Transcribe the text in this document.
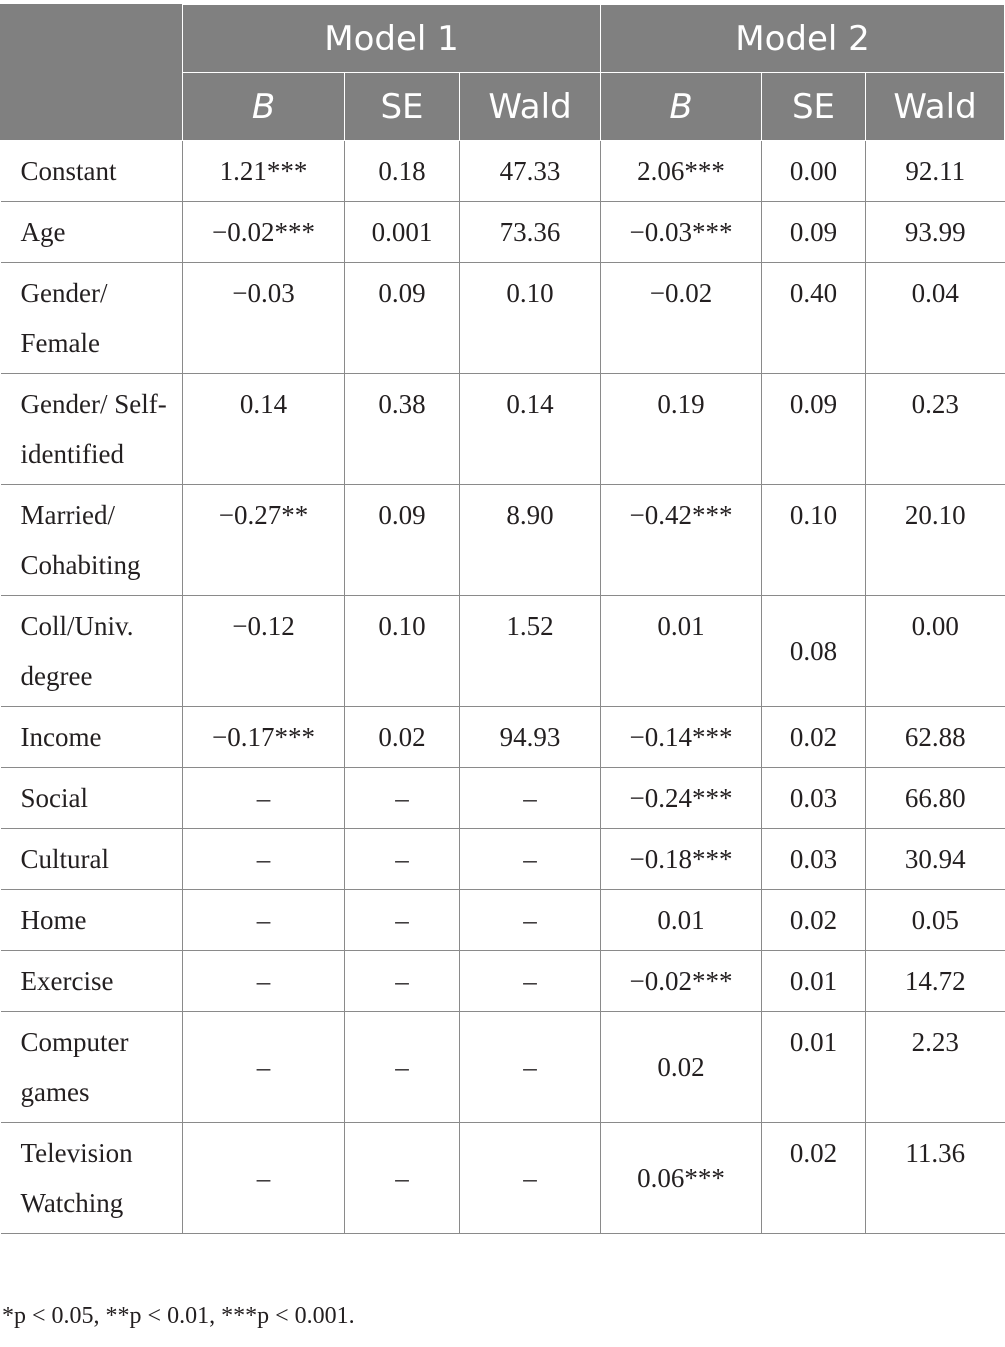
	Model 1			Model 2		
	B	SE	Wald	B	SE	Wald
Constant	1.21***	0.18	47.33	2.06***	0.00	92.11
Age	−0.02***	0.001	73.36	−0.03***	0.09	93.99
Gender/ Female	−0.03	0.09	0.10	−0.02	0.40	0.04
Gender/ Self-identified	0.14	0.38	0.14	0.19	0.09	0.23
Married/ Cohabiting	−0.27**	0.09	8.90	−0.42***	0.10	20.10
Coll/Univ. degree	−0.12	0.10	1.52	0.01	0.08	0.00
Income	−0.17***	0.02	94.93	−0.14***	0.02	62.88
Social	–	–	–	−0.24***	0.03	66.80
Cultural	–	–	–	−0.18***	0.03	30.94
Home	–	–	–	0.01	0.02	0.05
Exercise	–	–	–	−0.02***	0.01	14.72
Computer games	–	–	–	0.02	0.01	2.23
Television Watching	–	–	–	0.06***	0.02	11.36
*p < 0.05, **p < 0.01, ***p < 0.001.
